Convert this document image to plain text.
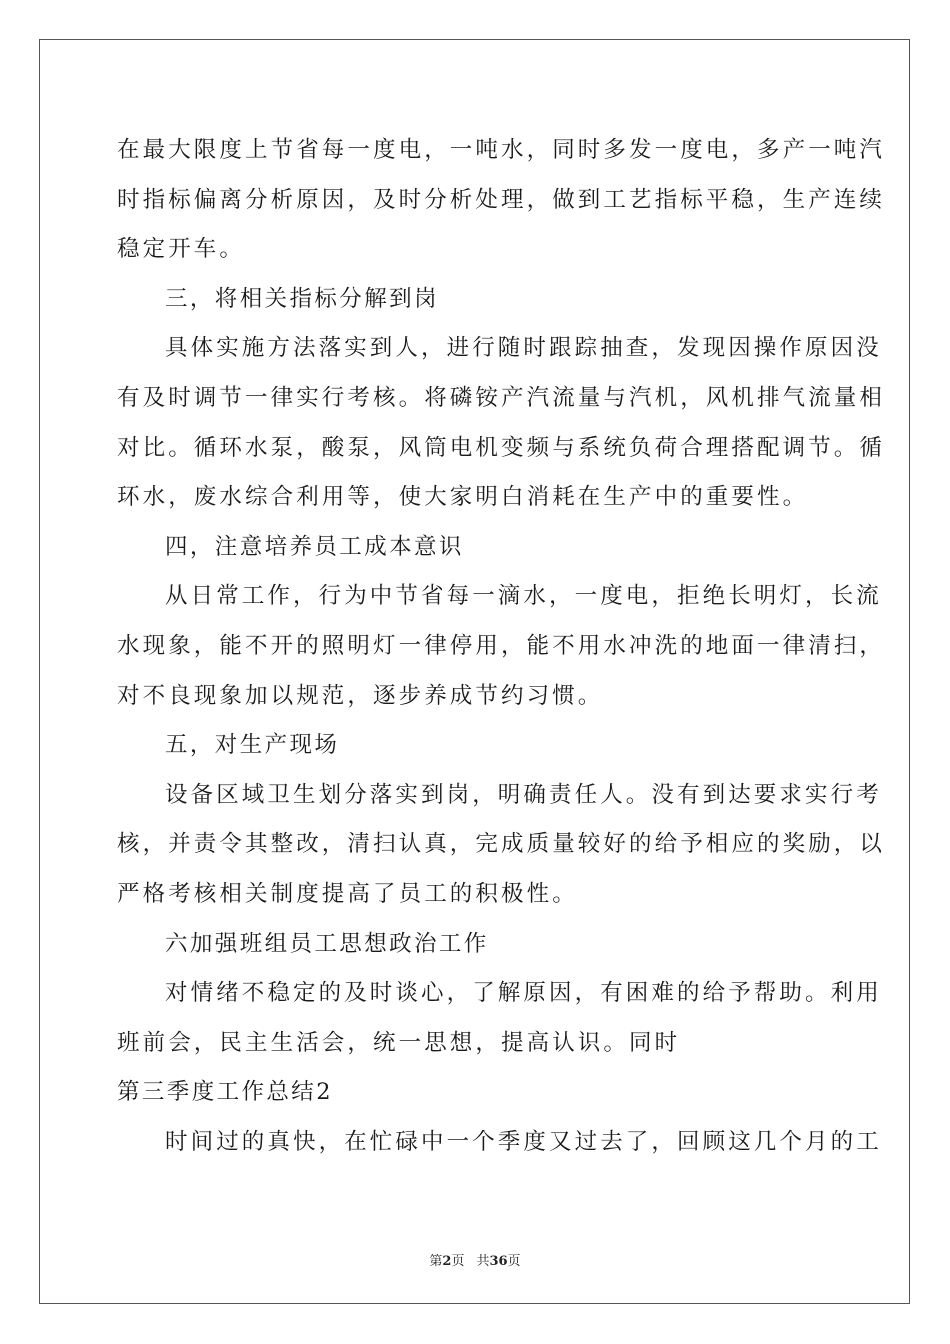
在最大限度上节省每一度电，一吨水，同时多发一度电，多产一吨汽
时指标偏离分析原因，及时分析处理，做到工艺指标平稳，生产连续
稳定开车。
三，将相关指标分解到岗
具体实施方法落实到人，进行随时跟踪抽查，发现因操作原因没
有及时调节一律实行考核。将磷铵产汽流量与汽机，风机排气流量相
对比。循环水泵，酸泵，风筒电机变频与系统负荷合理搭配调节。循
环水，废水综合利用等，使大家明白消耗在生产中的重要性。
四，注意培养员工成本意识
从日常工作，行为中节省每一滴水，一度电，拒绝长明灯，长流
水现象，能不开的照明灯一律停用，能不用水冲洗的地面一律清扫，
对不良现象加以规范，逐步养成节约习惯。
五，对生产现场
设备区域卫生划分落实到岗，明确责任人。没有到达要求实行考
核，并责令其整改，清扫认真，完成质量较好的给予相应的奖励，以
严格考核相关制度提高了员工的积极性。
六加强班组员工思想政治工作
对情绪不稳定的及时谈心，了解原因，有困难的给予帮助。利用
班前会，民主生活会，统一思想，提高认识。同时
第三季度工作总结2
时间过的真快，在忙碌中一个季度又过去了，回顾这几个月的工
第2页 共36页
